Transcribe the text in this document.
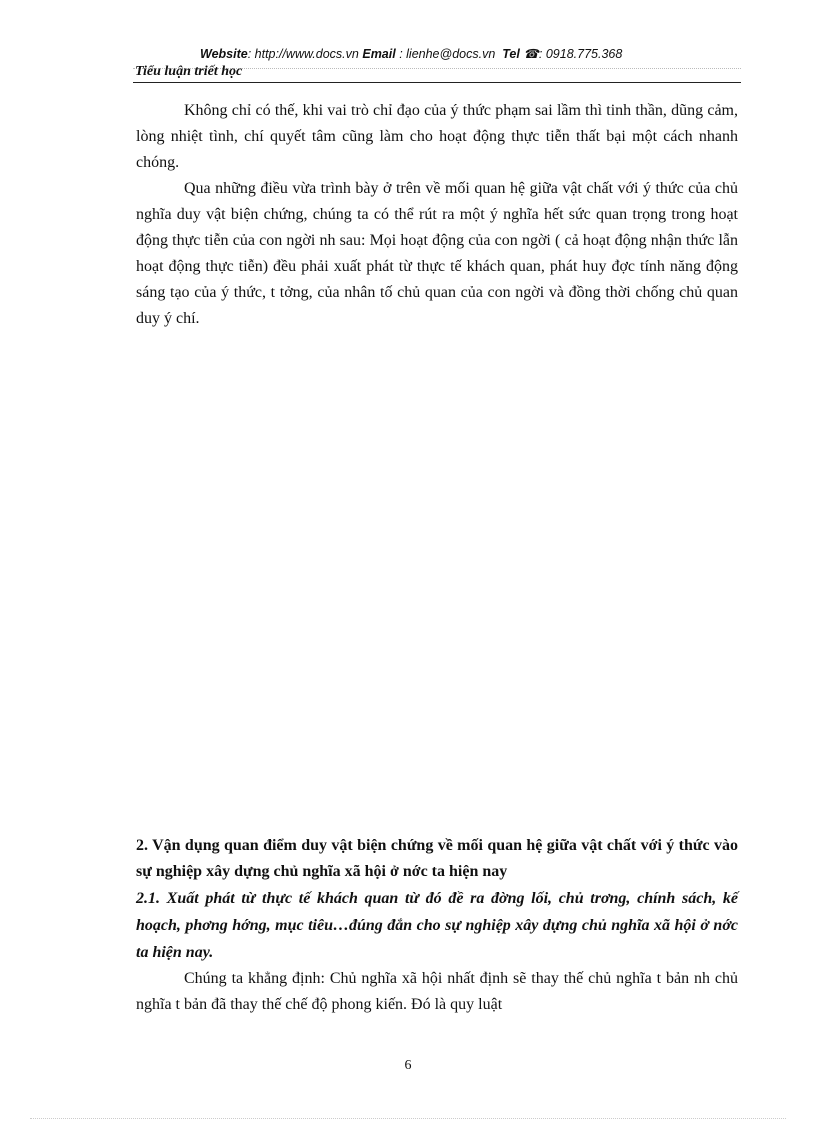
Website: http://www.docs.vn Email : lienhe@docs.vn Tel ☎: 0918.775.368
Tiểu luận triết học

Không chỉ có thế, khi vai trò chỉ đạo của ý thức phạm sai lầm thì tinh thần, dũng cảm, lòng nhiệt tình, chí quyết tâm cũng làm cho hoạt động thực tiễn thất bại một cách nhanh chóng.

Qua những điều vừa trình bày ở trên về mối quan hệ giữa vật chất với ý thức của chủ nghĩa duy vật biện chứng, chúng ta có thể rút ra một ý nghĩa hết sức quan trọng trong hoạt động thực tiễn của con ngời nh sau: Mọi hoạt động của con ngời ( cả hoạt động nhận thức lẫn hoạt động thực tiễn) đều phải xuất phát từ thực tế khách quan, phát huy đợc tính năng động sáng tạo của ý thức, t tởng, của nhân tố chủ quan của con ngời và đồng thời chống chủ quan duy ý chí.

2. Vận dụng quan điểm duy vật biện chứng về mối quan hệ giữa vật chất với ý thức vào sự nghiệp xây dựng chủ nghĩa xã hội ở nớc ta hiện nay

2.1. Xuất phát từ thực tế khách quan từ đó đề ra đờng lối, chủ trơng, chính sách, kế hoạch, phơng hớng, mục tiêu…đúng đắn cho sự nghiệp xây dựng chủ nghĩa xã hội ở nớc ta hiện nay.

Chúng ta khẳng định: Chủ nghĩa xã hội nhất định sẽ thay thế chủ nghĩa t bản nh chủ nghĩa t bản đã thay thế chế độ phong kiến. Đó là quy luật

6
